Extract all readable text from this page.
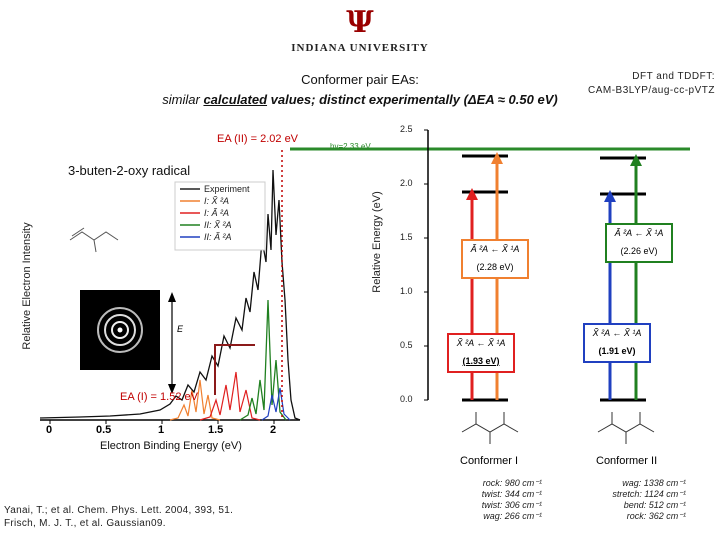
Ψ
INDIANA UNIVERSITY
Conformer pair EAs:
similar calculated values; distinct experimentally (ΔEA ≈ 0.50 eV)
DFT and TDDFT:
CAM-B3LYP/aug-cc-pVTZ
EA (II) = 2.02 eV
hv=2.33 eV
3-buten-2-oxy radical
Relative Electron Intensity
EA (I) = 1.52 eV
E
Electron Binding Energy (eV)
0	0.5	1	1.5	2
Experiment
I: X̃ ²A
I: Ã ²A
II: X̃ ²A
II: Ã ²A	Relative Energy (eV)
2.5
2.0
1.5
1.0
0.5
0.0
Ã ²A ← X̃ ¹A
(2.28 eV)
X̃ ²A ← X̃ ¹A
(1.93 eV)
Ã ²A ← X̃ ¹A
(2.26 eV)
X̃ ²A ← X̃ ¹A
(1.91 eV)
Conformer I	Conformer II
rock: 980 cm⁻¹
twist: 344 cm⁻¹
twist: 306 cm⁻¹
wag: 266 cm⁻¹
wag: 1338 cm⁻¹
stretch: 1124 cm⁻¹
bend: 512 cm⁻¹
rock: 362 cm⁻¹
Yanai, T.; et al. Chem. Phys. Lett. 2004, 393, 51.
Frisch, M. J. T., et al. Gaussian09.
